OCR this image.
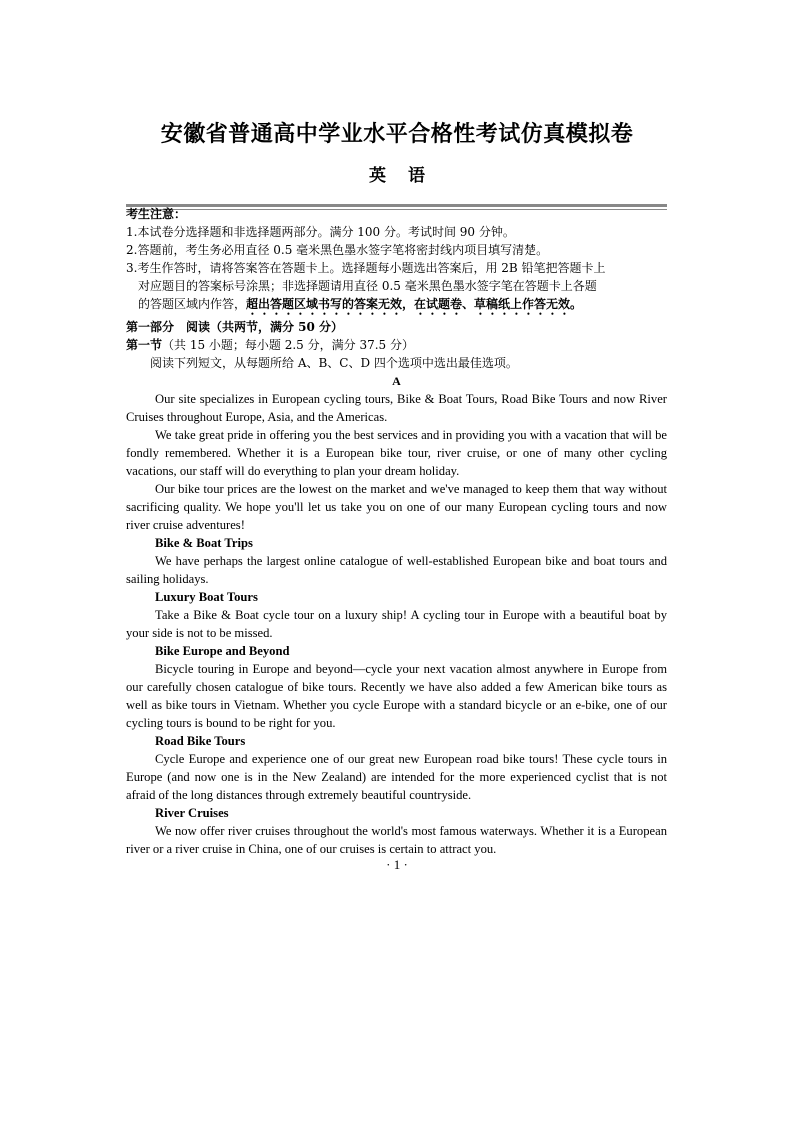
安徽省普通高中学业水平合格性考试仿真模拟卷
英 语
考生注意：
1.本试卷分选择题和非选择题两部分。满分 100 分。考试时间 90 分钟。
2.答题前，考生务必用直径 0.5 毫米黑色墨水签字笔将密封线内项目填写清楚。
3.考生作答时，请将答案答在答题卡上。选择题每小题选出答案后，用 2B 铅笔把答题卡上
对应题目的答案标号涂黑；非选择题请用直径 0.5 毫米黑色墨水签字笔在答题卡上各题
的答题区域内作答，超出答题区域书写的答案无效，在试题卷、草稿纸上作答无效。
第一部分　阅读（共两节，满分 50 分）
第一节（共 15 小题；每小题 2.5 分，满分 37.5 分）
阅读下列短文，从每题所给 A、B、C、D 四个选项中选出最佳选项。

A

Our site specializes in European cycling tours, Bike & Boat Tours, Road Bike Tours and now River Cruises throughout Europe, Asia, and the Americas.

We take great pride in offering you the best services and in providing you with a vacation that will be fondly remembered. Whether it is a European bike tour, river cruise, or one of many other cycling vacations, our staff will do everything to plan your dream holiday.

Our bike tour prices are the lowest on the market and we've managed to keep them that way without sacrificing quality. We hope you'll let us take you on one of our many European cycling tours and now river cruise adventures!

Bike & Boat Trips

We have perhaps the largest online catalogue of well-established European bike and boat tours and sailing holidays.

Luxury Boat Tours

Take a Bike & Boat cycle tour on a luxury ship! A cycling tour in Europe with a beautiful boat by your side is not to be missed.

Bike Europe and Beyond

Bicycle touring in Europe and beyond—cycle your next vacation almost anywhere in Europe from our carefully chosen catalogue of bike tours. Recently we have also added a few American bike tours as well as bike tours in Vietnam. Whether you cycle Europe with a standard bicycle or an e-bike, one of our cycling tours is bound to be right for you.

Road Bike Tours

Cycle Europe and experience one of our great new European road bike tours! These cycle tours in Europe (and now one is in the New Zealand) are intended for the more experienced cyclist that is not afraid of the long distances through extremely beautiful countryside.

River Cruises

We now offer river cruises throughout the world's most famous waterways. Whether it is a European river or a river cruise in China, one of our cruises is certain to attract you.

· 1 ·
